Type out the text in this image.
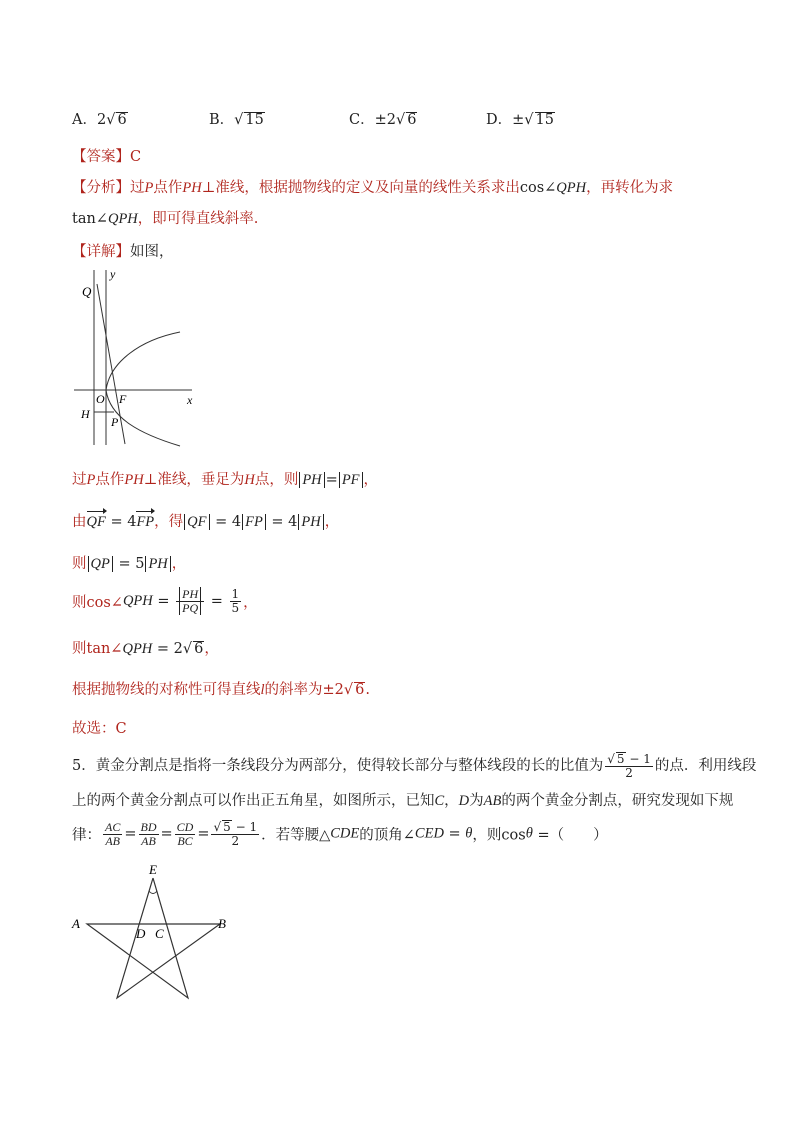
A．2√ 6	B．√ 15	C．±2√ 6	D．±√ 15
【答案】C
【分析】过P点作PH⊥准线，根据抛物线的定义及向量的线性关系求出cos∠QPH，再转化为求
tan∠QPH，即可得直线斜率.
【详解】如图，
y
x
Q
O F
H
P
过P点作PH⊥准线，垂足为H点，则 PH = PF ，
由QF = 4FP，得 QF = 4 FP = 4 PH ，
则 QP = 5 PH ，
则cos∠QPH = $\frac{PH}{PQ} = \frac{1}{5}$ ，
则tan∠QPH = 2√ 6，
根据抛物线的对称性可得直线l的斜率为±2√ 6.
故选：C
5．黄金分割点是指将一条线段分为两部分，使得较长部分与整体线段的长的比值为 $\frac{√ 5 - 1}{2}$ 的点．利用线段
上的两个黄金分割点可以作出正五角星，如图所示，已知C，D为AB的两个黄金分割点，研究发现如下规
律： $\frac{AC}{AB} = \frac{BD}{AB} = \frac{CD}{BC} = \frac{√ 5 - 1}{2}$ ．若等腰△CDE的顶角∠CED = θ，则cosθ =（　　）
E
A	B
D C
